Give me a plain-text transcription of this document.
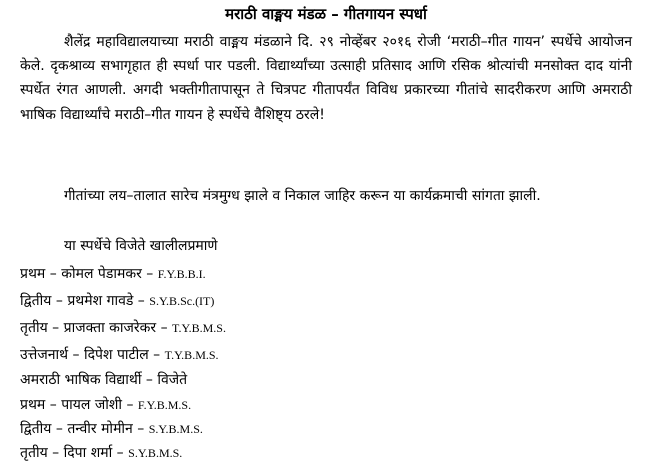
मराठी वाङ्मय मंडळ – गीतगायन स्पर्धा
शैलेंद्र महाविद्यालयाच्या मराठी वाङ्मय मंडळाने दि. २९ नोव्हेंबर २०१६ रोजी ‘मराठी–गीत गायन’ स्पर्धेचे आयोजन केले. दृकश्राव्य सभागृहात ही स्पर्धा पार पडली. विद्यार्थ्यांच्या उत्साही प्रतिसाद आणि रसिक श्रोत्यांची मनसोक्त दाद यांनी स्पर्धेत रंगत आणली. अगदी भक्तीगीतापासून ते चित्रपट गीतापर्यंत विविध प्रकारच्या गीतांचे सादरीकरण आणि अमराठी भाषिक विद्यार्थ्यांचे मराठी–गीत गायन हे स्पर्धेचे वैशिष्ट्य ठरले!
गीतांच्या लय–तालात सारेच मंत्रमुग्ध झाले व निकाल जाहिर करून या कार्यक्रमाची सांगता झाली.
या स्पर्धेचे विजेते खालीलप्रमाणे
प्रथम – कोमल पेडामकर – F.Y.B.B.I.
द्वितीय – प्रथमेश गावडे – S.Y.B.Sc.(IT)
तृतीय – प्राजक्ता काजरेकर – T.Y.B.M.S.
उत्तेजनार्थ – दिपेश पाटील – T.Y.B.M.S.
अमराठी भाषिक विद्यार्थी – विजेते
प्रथम – पायल जोशी – F.Y.B.M.S.
द्वितीय – तन्वीर मोमीन – S.Y.B.M.S.
तृतीय – दिपा शर्मा – S.Y.B.M.S.
